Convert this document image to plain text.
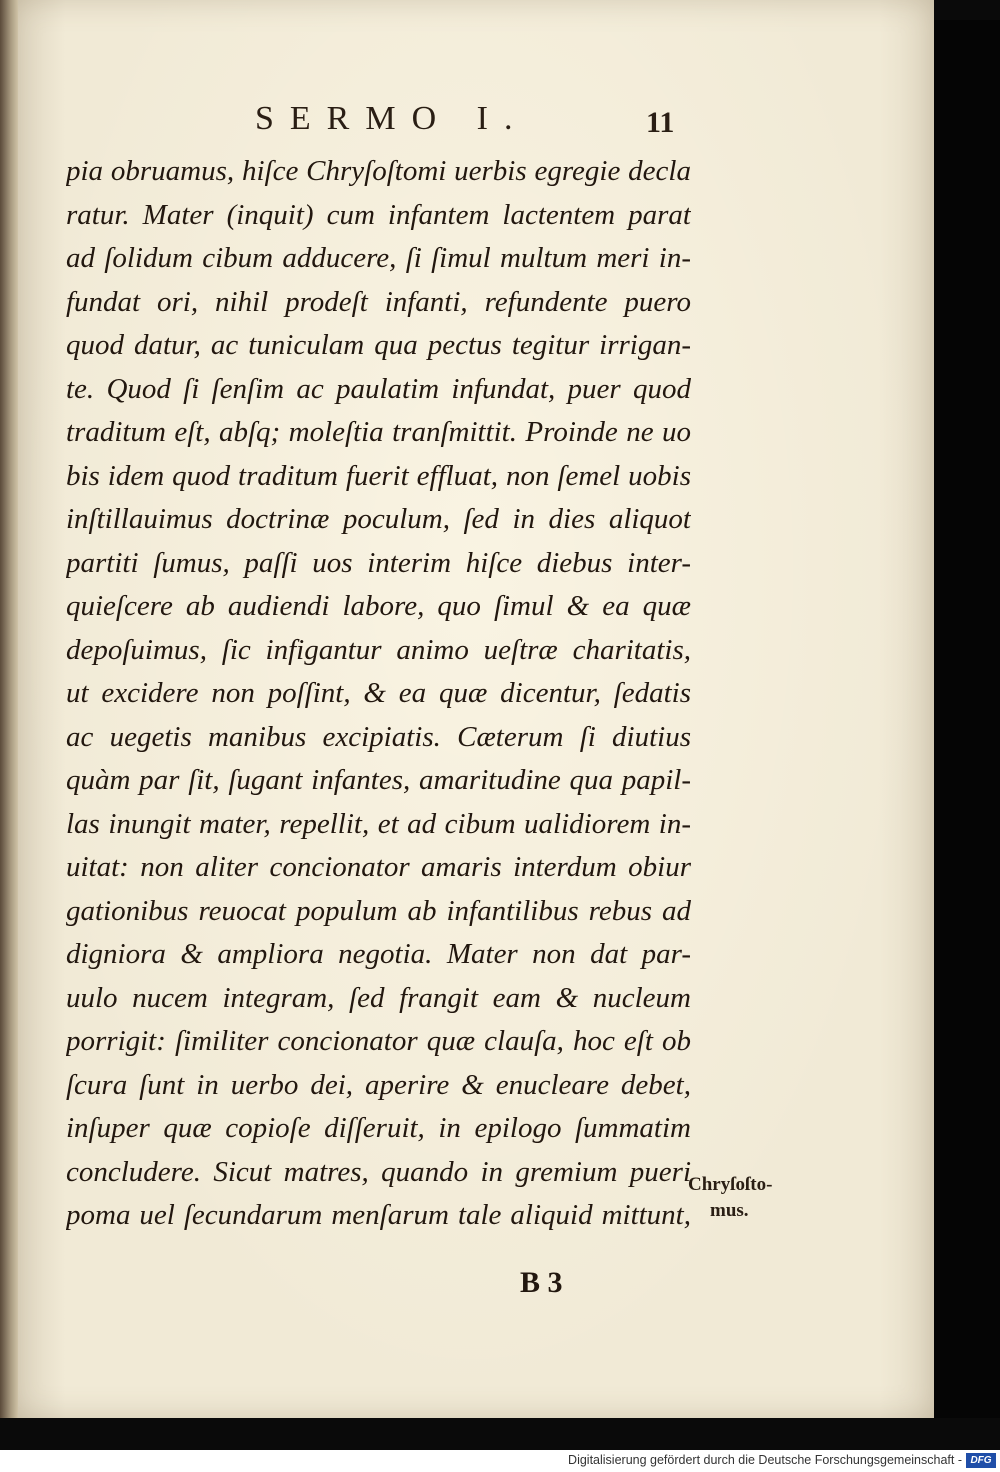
SERMO I.	11
pia obruamus, hiſce Chryſoſtomi uerbis egregie decla
ratur. Mater (inquit) cum infantem lactentem parat
ad ſolidum cibum adducere, ſi ſimul multum meri in-
fundat ori, nihil prodeſt infanti, refundente puero
quod datur, ac tuniculam qua pectus tegitur irrigan-
te. Quod ſi ſenſim ac paulatim infundat, puer quod
traditum eſt, abſq; moleſtia tranſmittit. Proinde ne uo
bis idem quod traditum fuerit effluat, non ſemel uobis
inſtillauimus doctrinæ poculum, ſed in dies aliquot
partiti ſumus, paſſi uos interim hiſce diebus inter-
quieſcere ab audiendi labore, quo ſimul & ea quæ
depoſuimus, ſic infigantur animo ueſtræ charitatis,
ut excidere non poſſint, & ea quæ dicentur, ſedatis
ac uegetis manibus excipiatis. Cæterum ſi diutius
quàm par ſit, ſugant infantes, amaritudine qua papil-
las inungit mater, repellit, et ad cibum ualidiorem in-
uitat: non aliter concionator amaris interdum obiur
gationibus reuocat populum ab infantilibus rebus ad
digniora & ampliora negotia. Mater non dat par-
uulo nucem integram, ſed frangit eam & nucleum
porrigit: ſimiliter concionator quæ clauſa, hoc eſt ob
ſcura ſunt in uerbo dei, aperire & enucleare debet,
inſuper quæ copioſe diſſeruit, in epilogo ſummatim
concludere. Sicut matres, quando in gremium pueri
poma uel ſecundarum menſarum tale aliquid mittunt,
Chryſoſto-
mus.
B 3
Digitalisierung gefördert durch die Deutsche Forschungsgemeinschaft - DFG
